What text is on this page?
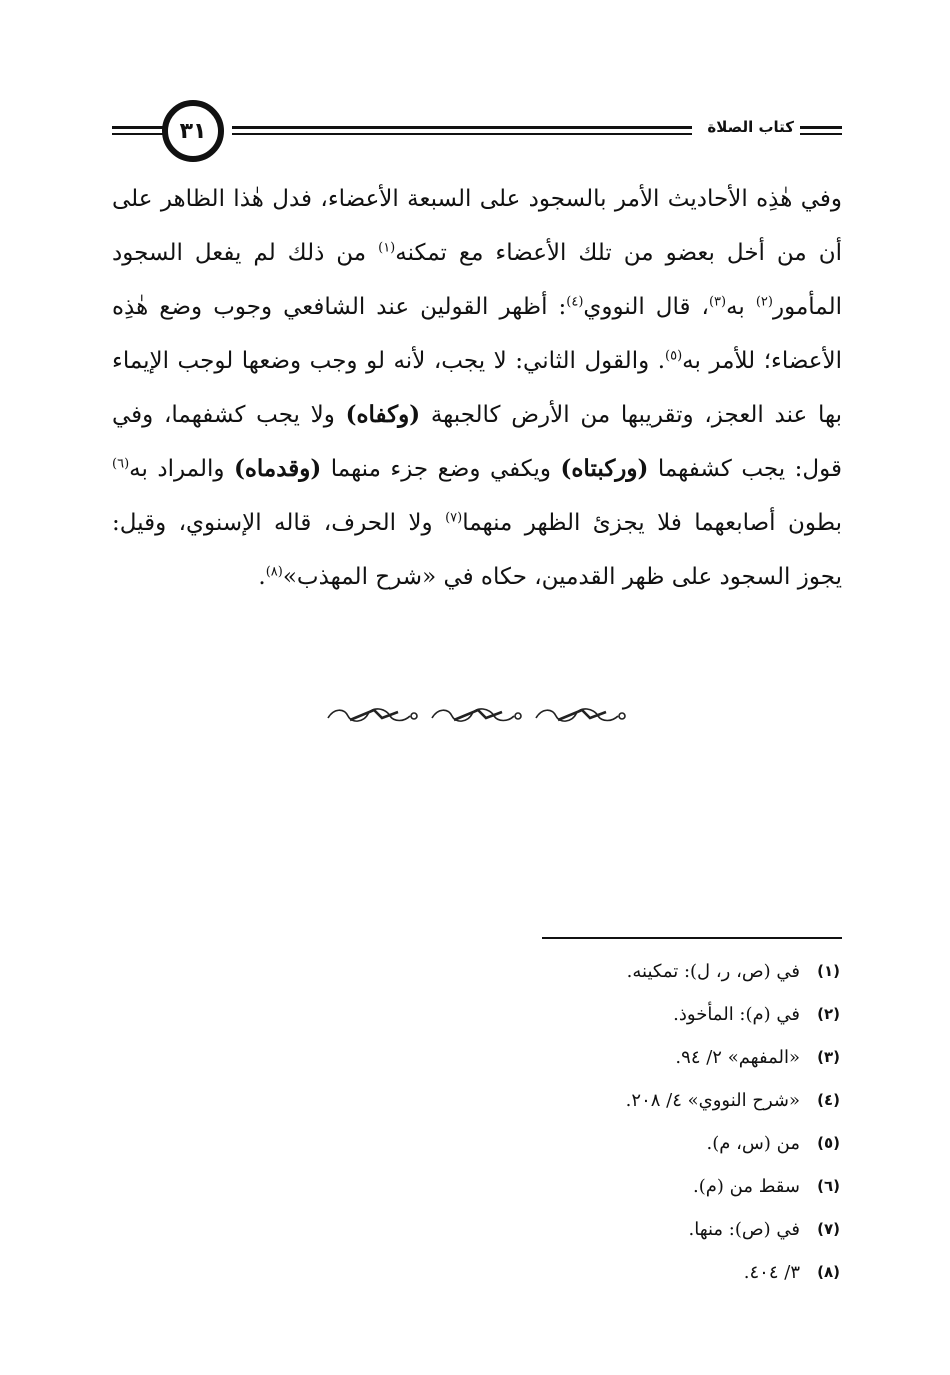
٣١	كتاب الصلاة

وفي هٰذِه الأحاديث الأمر بالسجود على السبعة الأعضاء، فدل هٰذا الظاهر على أن من أخل بعضو من تلك الأعضاء مع تمكنه$^{(١)}$ من ذلك لم يفعل السجود المأمور$^{(٢)}$ به$^{(٣)}$، قال النووي$^{(٤)}$: أظهر القولين عند الشافعي وجوب وضع هٰذِه الأعضاء؛ للأمر به$^{(٥)}$. والقول الثاني: لا يجب، لأنه لو وجب وضعها لوجب الإيماء بها عند العجز، وتقريبها من الأرض كالجبهة (وكفاه) ولا يجب كشفهما، وفي قول: يجب كشفهما (وركبتاه) ويكفي وضع جزء منهما (وقدماه) والمراد به$^{(٦)}$ بطون أصابعهما فلا يجزئ الظهر منهما$^{(٧)}$ ولا الحرف، قاله الإسنوي، وقيل: يجوز السجود على ظهر القدمين، حكاه في «شرح المهذب»$^{(٨)}$.

(١)
في (ص، ر، ل): تمكينه.
(٢)
في (م): المأخوذ.
(٣)
«المفهم» ٢/ ٩٤.
(٤)
«شرح النووي» ٤/ ٢٠٨.
(٥)
من (س، م).
(٦)
سقط من (م).
(٧)
في (ص): منها.
(٨)
٣/ ٤٠٤.
